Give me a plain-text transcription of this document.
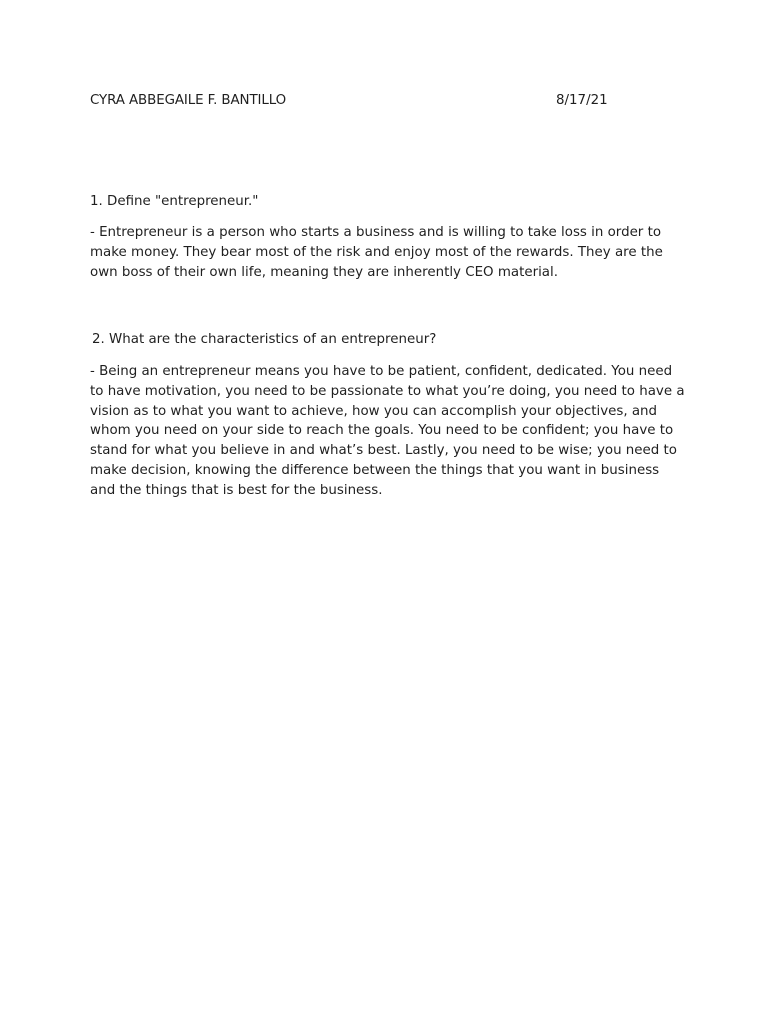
CYRA ABBEGAILE F. BANTILLO	8/17/21

1. Define "entrepreneur."

- Entrepreneur is a person who starts a business and is willing to take loss in order to make money. They bear most of the risk and enjoy most of the rewards. They are the own boss of their own life, meaning they are inherently CEO material.

2. What are the characteristics of an entrepreneur?

- Being an entrepreneur means you have to be patient, confident, dedicated. You need to have motivation, you need to be passionate to what you’re doing, you need to have a vision as to what you want to achieve, how you can accomplish your objectives, and whom you need on your side to reach the goals. You need to be confident; you have to stand for what you believe in and what’s best. Lastly, you need to be wise; you need to make decision, knowing the difference between the things that you want in business and the things that is best for the business.
